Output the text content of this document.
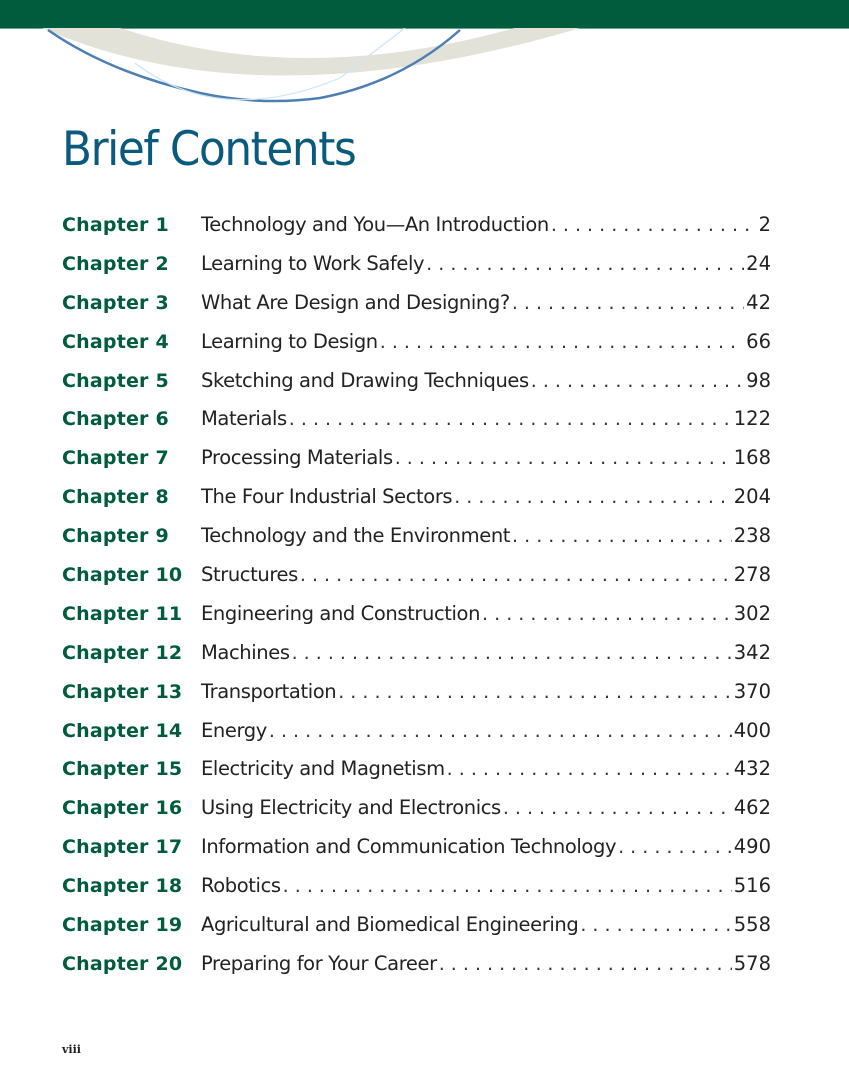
Brief Contents
Chapter 1	Technology and You—An Introduction . . .	2
Chapter 2	Learning to Work Safely . . .	24
Chapter 3	What Are Design and Designing? . . .	42
Chapter 4	Learning to Design . . .	66
Chapter 5	Sketching and Drawing Techniques . . .	98
Chapter 6	Materials . . .	122
Chapter 7	Processing Materials . . .	168
Chapter 8	The Four Industrial Sectors . . .	204
Chapter 9	Technology and the Environment . . .	238
Chapter 10 Structures . . .	278
Chapter 11 Engineering and Construction . . .	302
Chapter 12 Machines . . .	342
Chapter 13 Transportation . . .	370
Chapter 14 Energy . . .	400
Chapter 15 Electricity and Magnetism . . .	432
Chapter 16 Using Electricity and Electronics . . .	462
Chapter 17 Information and Communication Technology . . .	490
Chapter 18 Robotics . . .	516
Chapter 19 Agricultural and Biomedical Engineering . . .	558
Chapter 20 Preparing for Your Career . . .	578
viii
